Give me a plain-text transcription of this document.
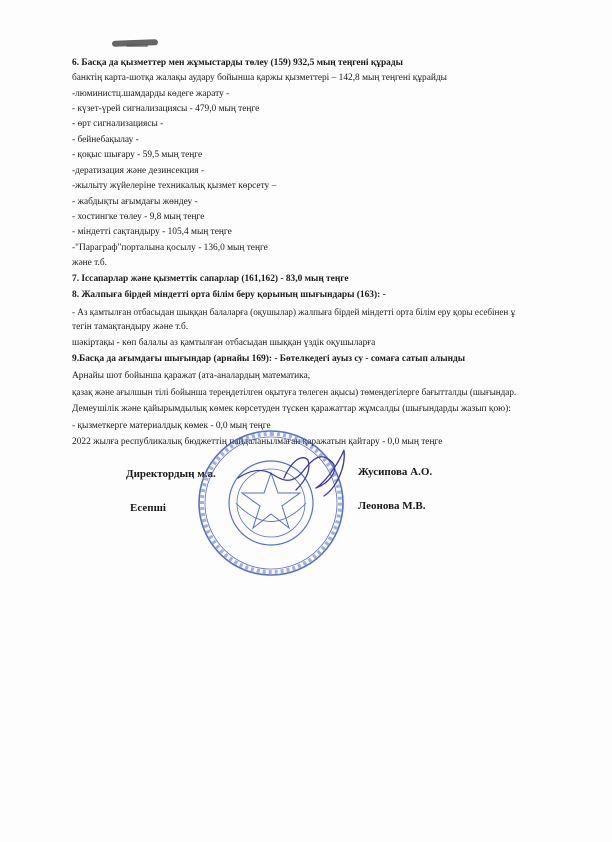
6. Басқа да қызметтер мен жұмыстарды төлеу (159) 932,5 мың теңгені құрады
банктің карта-шотқа жалақы аудару бойынша қаржы қызметтері – 142,8 мың теңгені құрайды
-люминистц.шамдарды көдеге жарату -
- күзет-үрей сигнализациясы - 479,0 мың теңге
- өрт сигнализациясы -
- бейнебақылау -
- қоқыс шығару - 59,5 мың теңге
-дератизация және дезинсекция -
-жылыту жүйелеріне техникалық қызмет көрсету –
- жабдықты ағымдағы жөндеу -
- хостингке төлеу - 9,8 мың теңге
- міндетті сақтандыру - 105,4 мың теңге
-"Параграф"порталына қосылу - 136,0 мың теңге
және т.б.
7. Іссапарлар және қызметтік сапарлар (161,162) - 83,0 мың теңге
8. Жалпыға бірдей міндетті орта білім беру қорының шығындары (163): -
- Аз қамтылған отбасыдан шыққан балаларға (оқушылар) жалпыға бірдей міндетті орта білім еру қоры есебінен ұ
тегін тамақтандыру және т.б.
шәкіртақы - көп балалы аз қамтылған отбасыдан шыққан үздік оқушыларға
9.Басқа да ағымдағы шығындар (арнайы 169): - Бөтелкедегі ауыз су - сомаға сатып алынды
Арнайы шот бойынша қаражат (ата-аналардың математика,
қазақ және ағылшын тілі бойынша тереңдетілген оқытуға төлеген ақысы) төмендегілерге бағытталды (шығындар.
Демеушілік және қайырымдылық көмек көрсетуден түскен қаражаттар жұмсалды (шығындарды жазып қою):
- қызметкерге материалдық көмек - 0,0 мың теңге
2022 жылға республикалық бюджеттің пайдаланылмаған қаражатын қайтару - 0,0 мың теңге
Директордың м.а.	Жусипова А.О.
Есепші	Леонова М.В.
